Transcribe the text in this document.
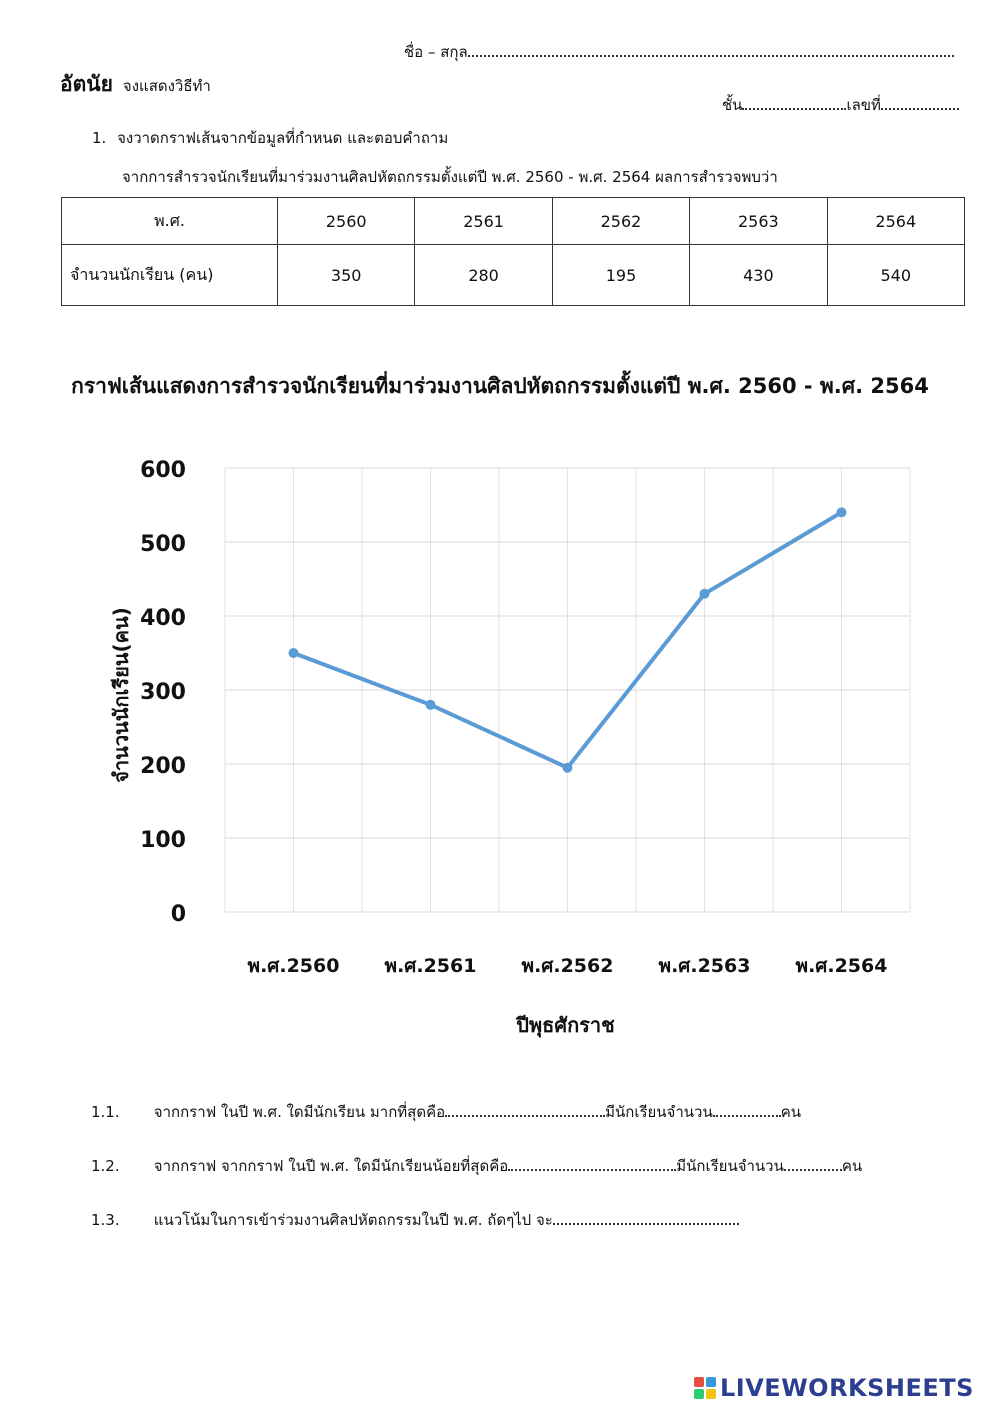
ชื่อ – สกุล
ชั้น	เลขที่
อัตนัย จงแสดงวิธีทำ
1. จงวาดกราฟเส้นจากข้อมูลที่กำหนด และตอบคำถาม
จากการสำรวจนักเรียนที่มาร่วมงานศิลปหัตถกรรมตั้งแต่ปี พ.ศ. 2560 - พ.ศ. 2564 ผลการสำรวจพบว่า
พ.ศ.	2560	2561	2562	2563	2564
จำนวนนักเรียน (คน)	350	280	195	430	540
กราฟเส้นแสดงการสำรวจนักเรียนที่มาร่วมงานศิลปหัตถกรรมตั้งแต่ปี พ.ศ. 2560 - พ.ศ. 2564
0
100
200
300
400
500
600
พ.ศ.2560 พ.ศ.2561 พ.ศ.2562 พ.ศ.2563 พ.ศ.2564
ปีพุธศักราช
จำนวนนักเรียน(คน)
1.1. จากกราฟ ในปี พ.ศ. ใดมีนักเรียน มากที่สุดคือ	มีนักเรียนจำนวน	คน
1.2. จากกราฟ จากกราฟ ในปี พ.ศ. ใดมีนักเรียนน้อยที่สุดคือ	มีนักเรียนจำนวน	คน
1.3. แนวโน้มในการเข้าร่วมงานศิลปหัตถกรรมในปี พ.ศ. ถัดๆไป จะ
LIVEWORKSHEETS
